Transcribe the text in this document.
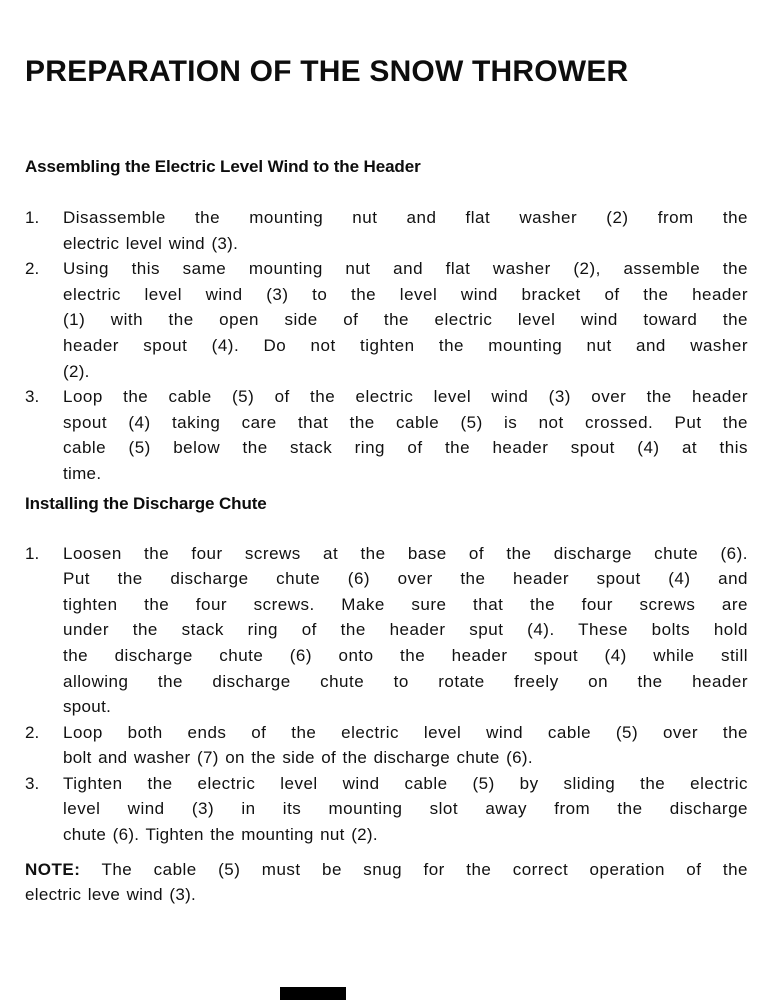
PREPARATION OF THE SNOW THROWER
Assembling the Electric Level Wind to the Header
1.	Disassemble the mounting nut and flat washer (2) from the
electric level wind (3).
2.	Using this same mounting nut and flat washer (2), assemble the
electric level wind (3) to the level wind bracket of the header
(1) with the open side of the electric level wind toward the
header spout (4). Do not tighten the mounting nut and washer
(2).
3.	Loop the cable (5) of the electric level wind (3) over the header
spout (4) taking care that the cable (5) is not crossed. Put the
cable (5) below the stack ring of the header spout (4) at this
time.
Installing the Discharge Chute
1.	Loosen the four screws at the base of the discharge chute (6).
Put the discharge chute (6) over the header spout (4) and
tighten the four screws. Make sure that the four screws are
under the stack ring of the header sput (4). These bolts hold
the discharge chute (6) onto the header spout (4) while still
allowing the discharge chute to rotate freely on the header
spout.
2.	Loop both ends of the electric level wind cable (5) over the
bolt and washer (7) on the side of the discharge chute (6).
3.	Tighten the electric level wind cable (5) by sliding the electric
level wind (3) in its mounting slot away from the discharge
chute (6). Tighten the mounting nut (2).
NOTE: The cable (5) must be snug for the correct operation of the
electric leve wind (3).
